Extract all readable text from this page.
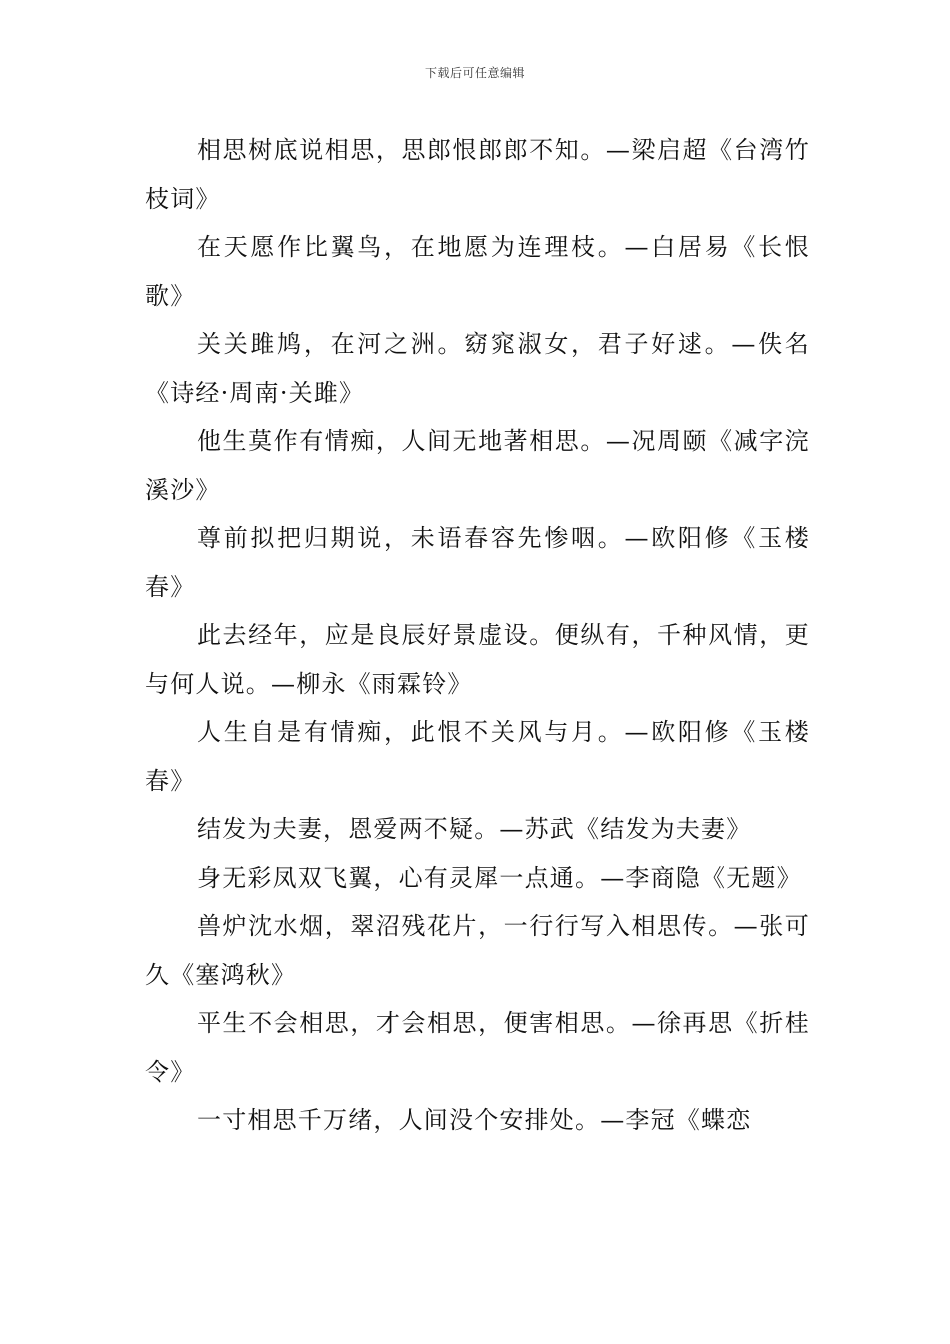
下载后可任意编辑

相思树底说相思，思郎恨郎郎不知。—梁启超《台湾竹枝词》

在天愿作比翼鸟，在地愿为连理枝。—白居易《长恨歌》

关关雎鸠，在河之洲。窈窕淑女，君子好逑。—佚名《诗经·周南·关雎》

他生莫作有情痴，人间无地著相思。—况周颐《减字浣溪沙》

尊前拟把归期说，未语春容先惨咽。—欧阳修《玉楼春》

此去经年，应是良辰好景虚设。便纵有，千种风情，更与何人说。—柳永《雨霖铃》

人生自是有情痴，此恨不关风与月。—欧阳修《玉楼春》

结发为夫妻，恩爱两不疑。—苏武《结发为夫妻》

身无彩凤双飞翼，心有灵犀一点通。—李商隐《无题》

兽炉沈水烟，翠沼残花片，一行行写入相思传。—张可久《塞鸿秋》

平生不会相思，才会相思，便害相思。—徐再思《折桂令》

一寸相思千万绪，人间没个安排处。—李冠《蝶恋
